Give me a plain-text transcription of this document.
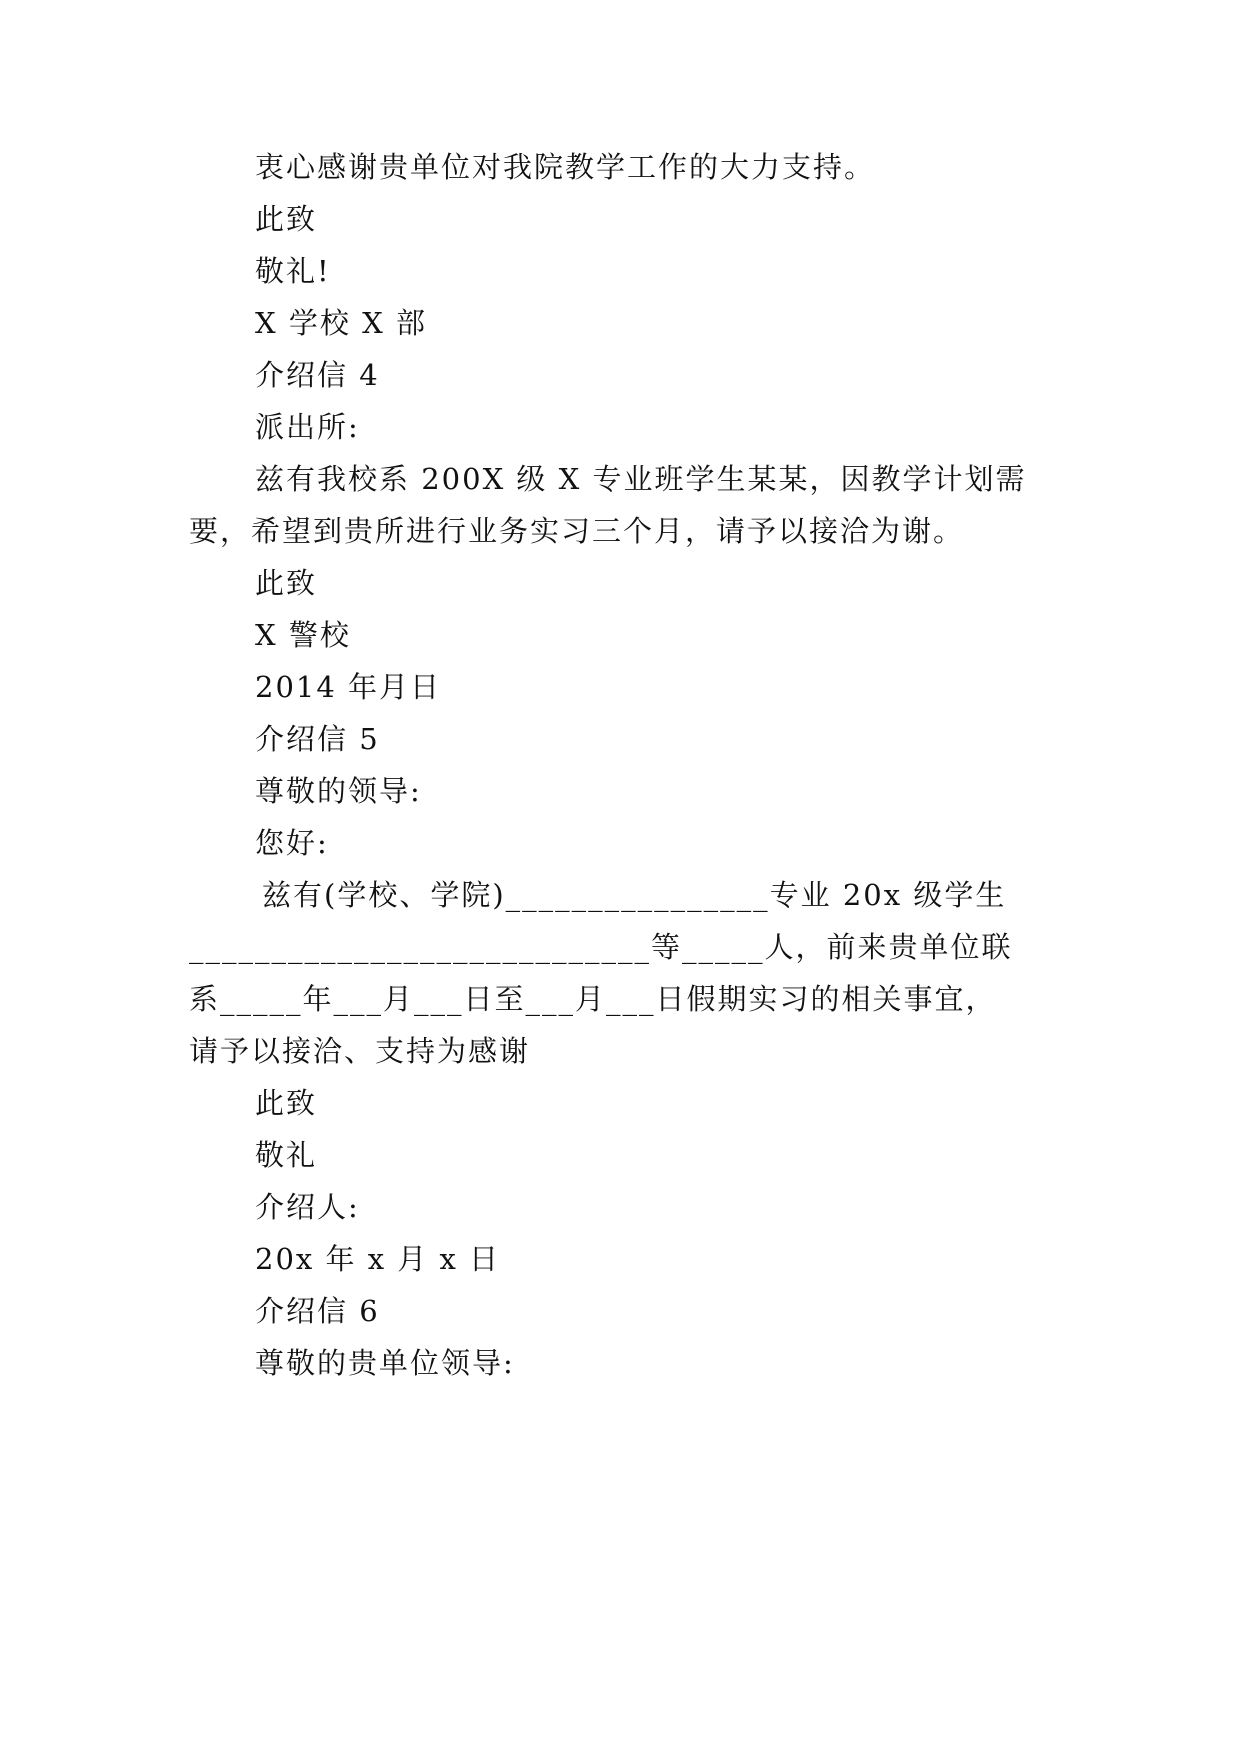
衷心感谢贵单位对我院教学工作的大力支持。
此致
敬礼!
X 学校 X 部
介绍信 4
派出所:
兹有我校系 200X 级 X 专业班学生某某，因教学计划需
要，希望到贵所进行业务实习三个月，请予以接洽为谢。
此致
X 警校
2014 年月日
介绍信 5
尊敬的领导:
您好:
兹有(学校、学院)________________专业 20x 级学生
____________________________等_____人，前来贵单位联
系_____年___月___日至___月___日假期实习的相关事宜，
请予以接洽、支持为感谢
此致
敬礼
介绍人:
20x 年 x 月 x 日
介绍信 6
尊敬的贵单位领导:
